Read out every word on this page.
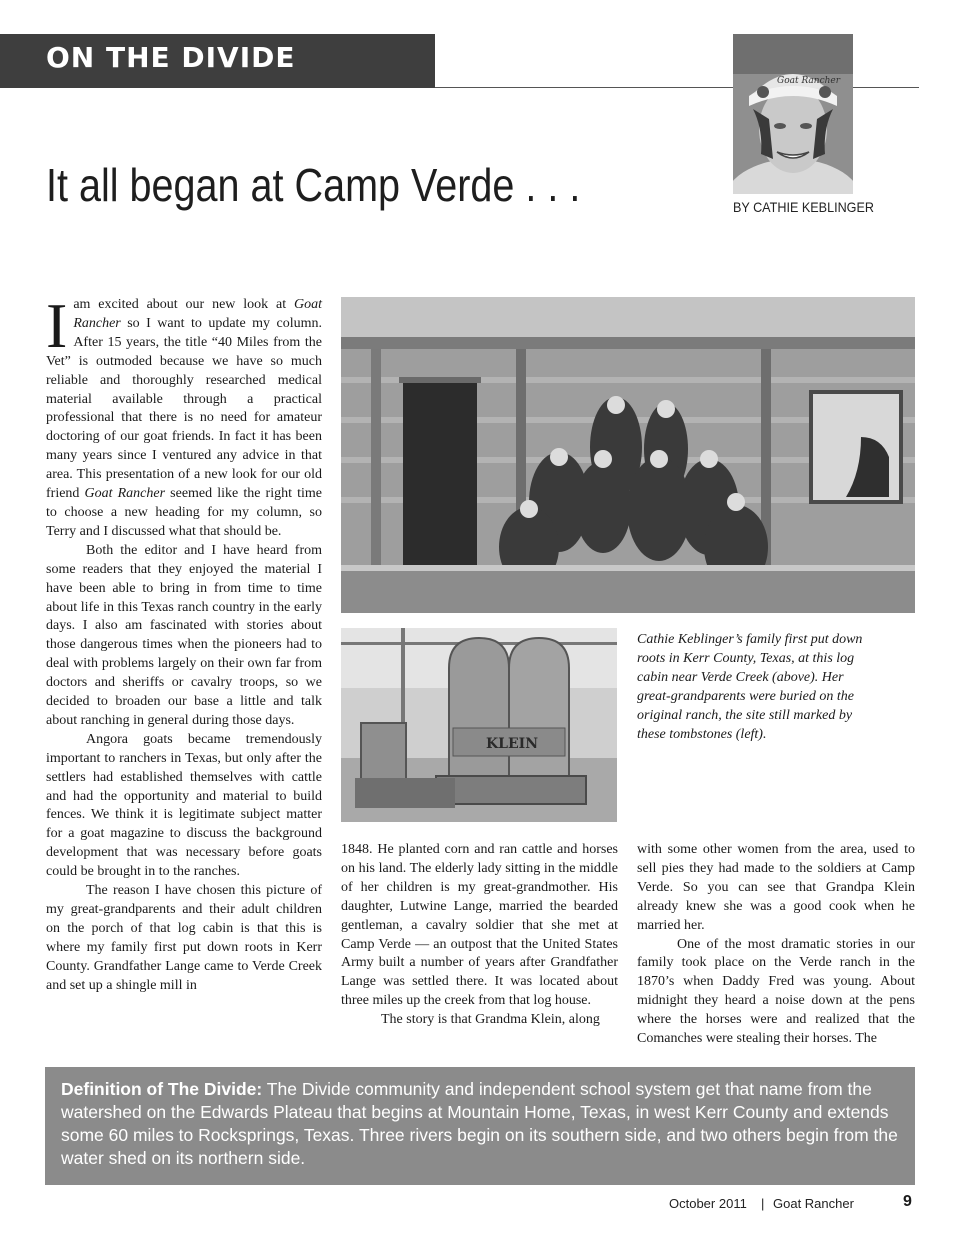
ON THE DIVIDE
Goat Rancher
It all began at Camp Verde . . .	BY CATHIE KEBLINGER

Iam excited about our new look at Goat Rancher so I want to update my column. After 15 years, the title “40 Miles from the Vet” is outmoded because we have so much reliable and thoroughly researched medical material available through a practical professional that there is no need for amateur doctoring of our goat friends. In fact it has been many years since I ventured any advice in that area. This presentation of a new look for our old friend Goat Rancher seemed like the right time to choose a new heading for my column, so Terry and I discussed what that should be.

Both the editor and I have heard from some readers that they enjoyed the material I have been able to bring in from time to time about life in this Texas ranch country in the early days. I also am fascinated with stories about those dangerous times when the pioneers had to deal with problems largely on their own far from doctors and sheriffs or cavalry troops, so we decided to broaden our base a little and talk about ranching in general during those days.

Angora goats became tremendously important to ranchers in Texas, but only after the settlers had established themselves with cattle and had the opportunity and material to build fences. We think it is legitimate subject matter for a goat magazine to discuss the background development that was necessary before goats could be brought in to the ranches.

The reason I have chosen this picture of my great-grandparents and their adult children on the porch of that log cabin is that this is where my family first put down roots in Kerr County. Grandfather Lange came to Verde Creek and set up a shingle mill in

KLEIN
Cathie Keblinger’s family first put down roots in Kerr County, Texas, at this log cabin near Verde Creek (above). Her great-grandparents were buried on the original ranch, the site still marked by these tombstones (left).

1848. He planted corn and ran cattle and horses on his land. The elderly lady sitting in the middle of her children is my great-grandmother. His daughter, Lutwine Lange, married the bearded gentleman, a cavalry soldier that she met at Camp Verde — an outpost that the United States Army built a number of years after Grandfather Lange was settled there. It was located about three miles up the creek from that log house.

The story is that Grandma Klein, along

with some other women from the area, used to sell pies they had made to the soldiers at Camp Verde. So you can see that Grandpa Klein already knew she was a good cook when he married her.

One of the most dramatic stories in our family took place on the Verde ranch in the 1870’s when Daddy Fred was young. About midnight they heard a noise down at the pens where the horses were and realized that the Comanches were stealing their horses. The

Definition of The Divide: The Divide community and independent school system get that name from the watershed on the Edwards Plateau that begins at Mountain Home, Texas, in west Kerr County and extends some 60 miles to Rocksprings, Texas. Three rivers begin on its southern side, and two others begin from the water shed on its northern side.

October 2011 | Goat Rancher	9
